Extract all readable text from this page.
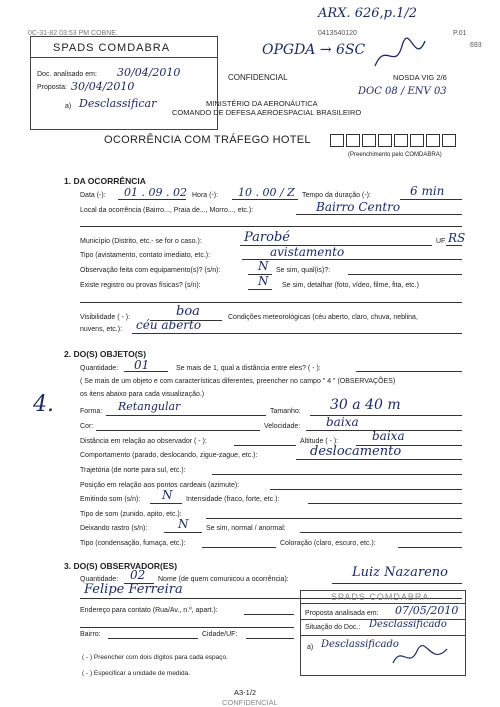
0C-31-82 03:53 PM COBNE.
ARX. 626,p.1/2
0413540120	P.01
693
SPADS COMDABRA
Doc. analisado em: 30/04/2010
Proposta: 30/04/2010
a) Desclassificar
OPGDA → 6SC
DOC 08 / ENV 03
CONFIDENCIAL	NOSDA VIG 2/6
MINISTÉRIO DA AERONÁUTICA
COMANDO DE DEFESA AEROESPACIAL BRASILEIRO
OCORRÊNCIA COM TRÁFEGO HOTEL
(Preenchimento pelo COMDABRA)
1. DA OCORRÊNCIA
Data (-): 01 . 09 . 02 Hora (-): 10 . 00 / Z Tempo da duração (-):	6 min
Local da ocorrência (Bairro..., Praia de..., Morro..., etc.):	Bairro Centro
Município (Distrito, etc.- se for o caso.):	Parobé	UF RS
Tipo (avistamento, contato imediato, etc.):	avistamento
Observação feita com equipamento(s)? (s/n):	N Se sim, qual(is)?:
Existe registro ou provas físicas? (s/n):	N Se sim, detalhar (foto, vídeo, filme, fita, etc.)
Visibilidade ( - ):	boa	Condições meteorológicas (céu aberto, claro, chuva, neblina,
nuvens, etc.): céu aberto
2. DO(S) OBJETO(S)
Quantidade: 01	Se mais de 1, qual a distância entre eles? ( - ):
( Se mais de um objeto e com características diferentes, preencher no campo " 4 " (OBSERVAÇÕES)
os itens abaixo para cada visualização.)
4.	Forma: Retangular	Tamanho: 30 a 40 m
Cor:	Velocidade: baixa
Distância em relação ao observador ( - ):	Altitude ( - ):	baixa
Comportamento (parado, deslocando, zigue-zague, etc.):	deslocamento
Trajetória (de norte para sul, etc.):
Posição em relação aos pontos cardeais (azimute):
Emitindo som (s/n): N Intensidade (fraco, forte, etc.):
Tipo de som (zunido, apito, etc.):
Deixando rastro (s/n):	N	Se sim, normal / anormal:
Tipo (condensação, fumaça, etc.):	Coloração (claro, escuro, etc.):
3. DO(S) OBSERVADOR(ES)
Quantidade: 02 Nome (de quem comunicou a ocorrência):	Luiz Nazareno
Felipe Ferreira
Endereço para contato (Rua/Av., n.º, apart.):
Bairro:	Cidade/UF:
( - ) Preencher com dois dígitos para cada espaço.
( - ) Especificar a unidade de medida.
SPADS COMDABRA
Proposta analisada em: 07/05/2010
Situação do Doc.: Desclassificado
a) Desclassificado
A3-1/2
CONFIDENCIAL
